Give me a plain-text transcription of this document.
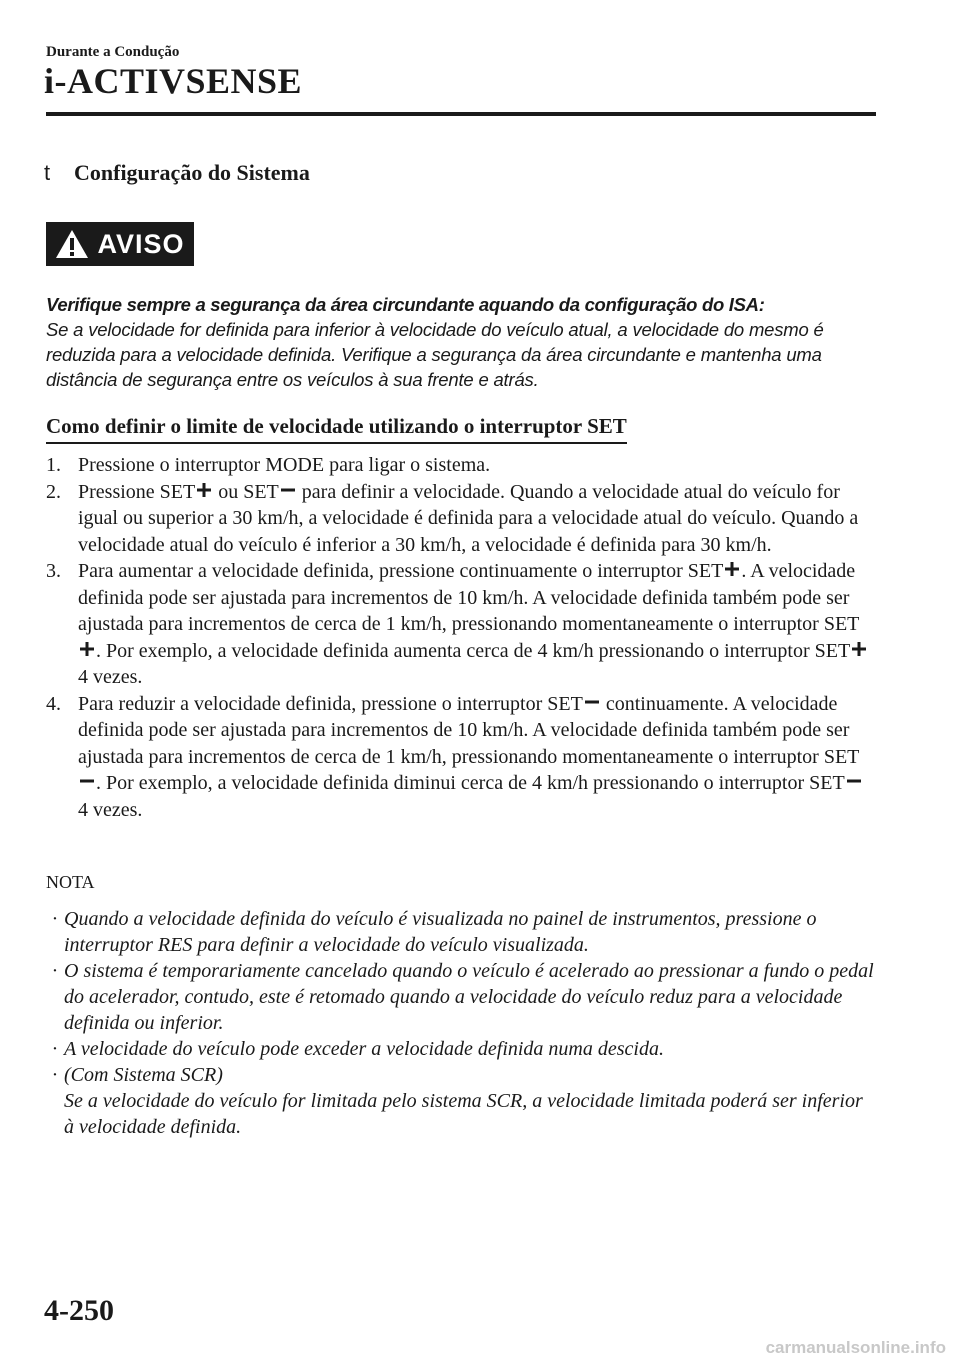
Durante a Condução
i-ACTIVSENSE
t Configuração do Sistema
AVISO
Verifique sempre a segurança da área circundante aquando da configuração do ISA:
Se a velocidade for definida para inferior à velocidade do veículo atual, a velocidade do mesmo é reduzida para a velocidade definida. Verifique a segurança da área circundante e mantenha uma distância de segurança entre os veículos à sua frente e atrás.
Como definir o limite de velocidade utilizando o interruptor SET
1. Pressione o interruptor MODE para ligar o sistema.
2. Pressione SET ou SET para definir a velocidade. Quando a velocidade atual do veículo for igual ou superior a 30 km/h, a velocidade é definida para a velocidade atual do veículo. Quando a velocidade atual do veículo é inferior a 30 km/h, a velocidade é definida para 30 km/h.
3. Para aumentar a velocidade definida, pressione continuamente o interruptor SET . A velocidade definida pode ser ajustada para incrementos de 10 km/h. A velocidade definida também pode ser ajustada para incrementos de cerca de 1 km/h, pressionando momentaneamente o interruptor SET. Por exemplo, a velocidade definida aumenta cerca de 4 km/h pressionando o interruptor SET 4 vezes.
4. Para reduzir a velocidade definida, pressione o interruptor SET continuamente. A velocidade definida pode ser ajustada para incrementos de 10 km/h. A velocidade definida também pode ser ajustada para incrementos de cerca de 1 km/h, pressionando momentaneamente o interruptor SET. Por exemplo, a velocidade definida diminui cerca de 4 km/h pressionando o interruptor SET 4 vezes.
NOTA
· Quando a velocidade definida do veículo é visualizada no painel de instrumentos, pressione o interruptor RES para definir a velocidade do veículo visualizada.
· O sistema é temporariamente cancelado quando o veículo é acelerado ao pressionar a fundo o pedal do acelerador, contudo, este é retomado quando a velocidade do veículo reduz para a velocidade definida ou inferior.
· A velocidade do veículo pode exceder a velocidade definida numa descida.
· (Com Sistema SCR)
Se a velocidade do veículo for limitada pelo sistema SCR, a velocidade limitada poderá ser inferior à velocidade definida.
4-250
carmanualsonline.info
